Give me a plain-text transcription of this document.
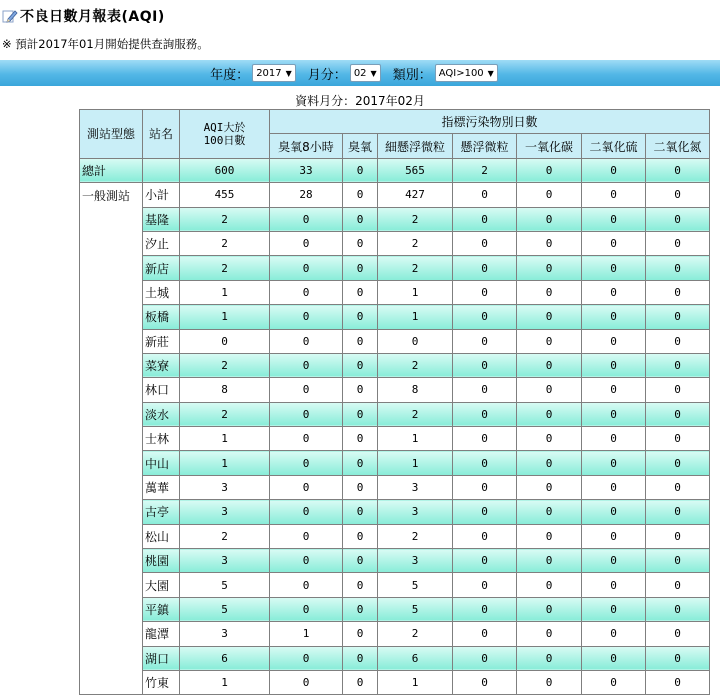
不良日數月報表(AQI)
※ 預計2017年01月開始提供查詢服務。
年度： 2017 ▼ 月分： 02 ▼ 類別： AQI>100 ▼
資料月分：2017年02月
測站型態	站名	AQI大於
100日數	指標污染物別日數						
			臭氧8小時	臭氧	細懸浮微粒	懸浮微粒	一氧化碳	二氧化硫	二氧化氮
總計		600	33	0	565	2	0	0	0
一般測站	小計	455	28	0	427	0	0	0	0
	基隆	2	0	0	2	0	0	0	0
	汐止	2	0	0	2	0	0	0	0
	新店	2	0	0	2	0	0	0	0
	土城	1	0	0	1	0	0	0	0
	板橋	1	0	0	1	0	0	0	0
	新莊	0	0	0	0	0	0	0	0
	菜寮	2	0	0	2	0	0	0	0
	林口	8	0	0	8	0	0	0	0
	淡水	2	0	0	2	0	0	0	0
	士林	1	0	0	1	0	0	0	0
	中山	1	0	0	1	0	0	0	0
	萬華	3	0	0	3	0	0	0	0
	古亭	3	0	0	3	0	0	0	0
	松山	2	0	0	2	0	0	0	0
	桃園	3	0	0	3	0	0	0	0
	大園	5	0	0	5	0	0	0	0
	平鎮	5	0	0	5	0	0	0	0
	龍潭	3	1	0	2	0	0	0	0
	湖口	6	0	0	6	0	0	0	0
	竹東	1	0	0	1	0	0	0	0
